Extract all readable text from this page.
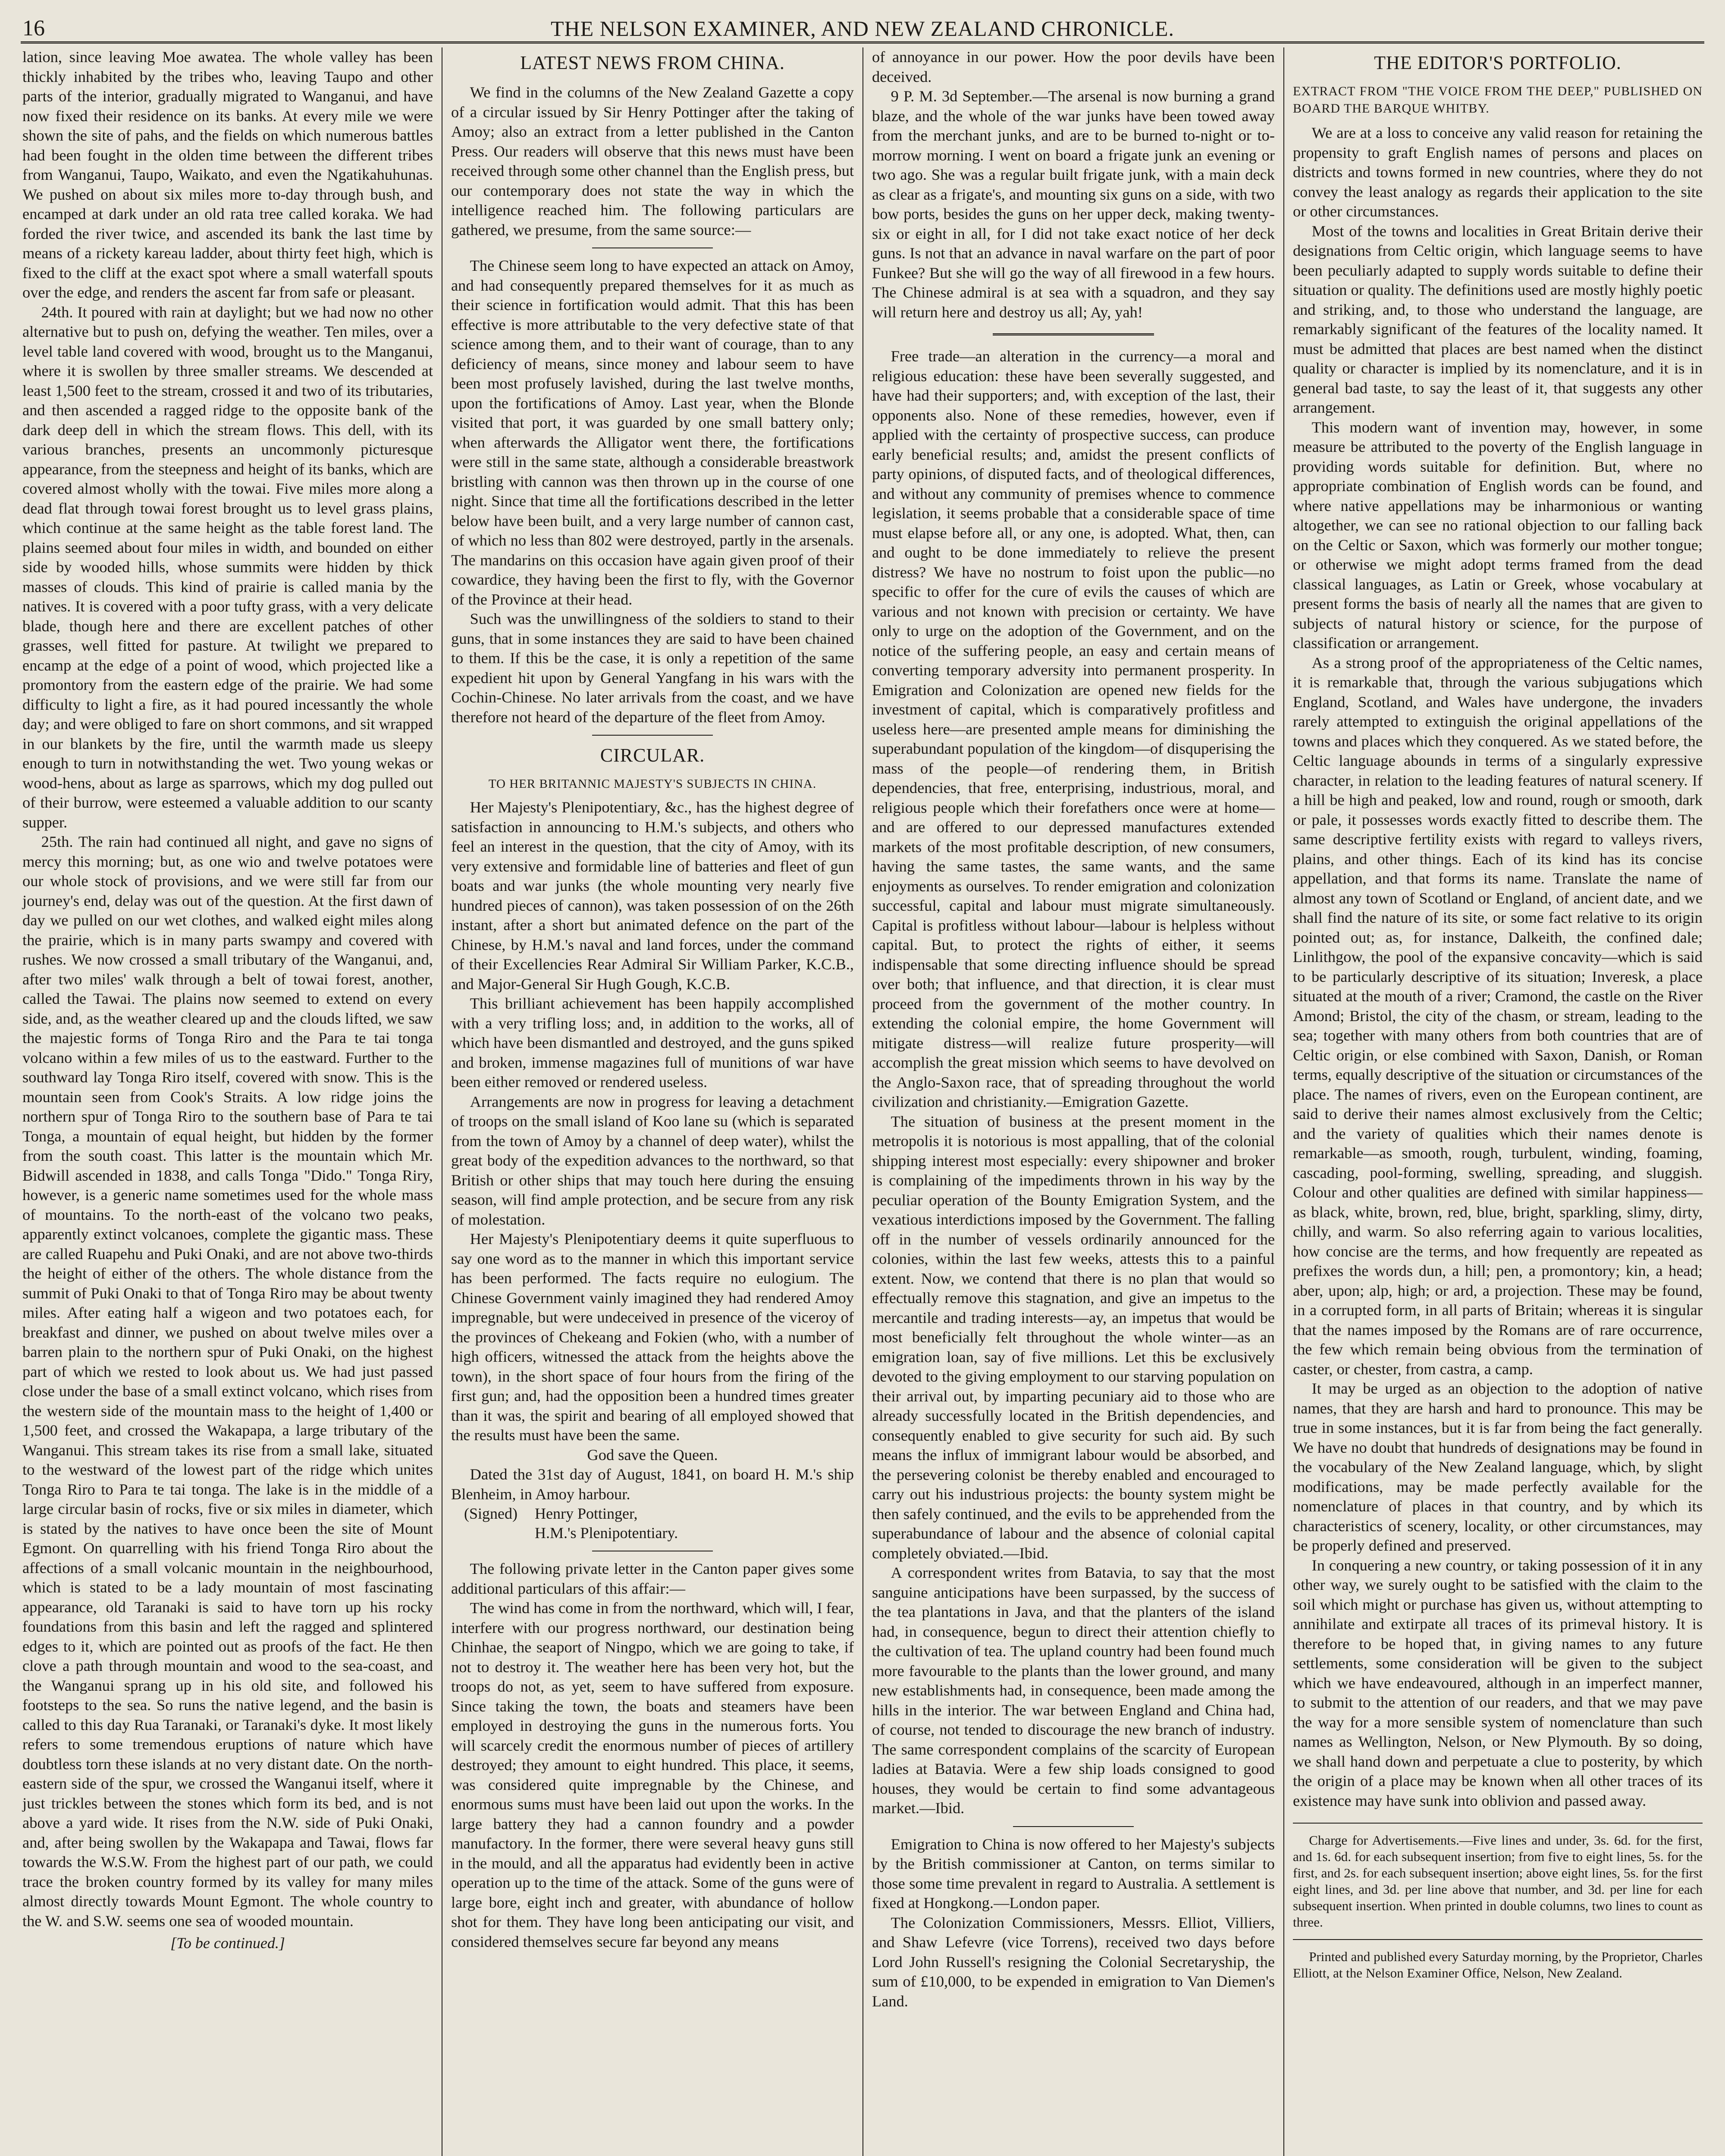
16	THE NELSON EXAMINER, AND NEW ZEALAND CHRONICLE.

lation, since leaving Moe awatea. The whole valley has been thickly inhabited by the tribes who, leaving Taupo and other parts of the interior, gradually migrated to Wanganui, and have now fixed their residence on its banks. At every mile we were shown the site of pahs, and the fields on which numerous battles had been fought in the olden time between the different tribes from Wanganui, Taupo, Waikato, and even the Ngatikahuhunas. We pushed on about six miles more to-day through bush, and encamped at dark under an old rata tree called koraka. We had forded the river twice, and ascended its bank the last time by means of a rickety kareau ladder, about thirty feet high, which is fixed to the cliff at the exact spot where a small waterfall spouts over the edge, and renders the ascent far from safe or pleasant.

24th. It poured with rain at daylight; but we had now no other alternative but to push on, defying the weather. Ten miles, over a level table land covered with wood, brought us to the Manganui, where it is swollen by three smaller streams. We descended at least 1,500 feet to the stream, crossed it and two of its tributaries, and then ascended a ragged ridge to the opposite bank of the dark deep dell in which the stream flows. This dell, with its various branches, presents an uncommonly picturesque appearance, from the steepness and height of its banks, which are covered almost wholly with the towai. Five miles more along a dead flat through towai forest brought us to level grass plains, which continue at the same height as the table forest land. The plains seemed about four miles in width, and bounded on either side by wooded hills, whose summits were hidden by thick masses of clouds. This kind of prairie is called mania by the natives. It is covered with a poor tufty grass, with a very delicate blade, though here and there are excellent patches of other grasses, well fitted for pasture. At twilight we prepared to encamp at the edge of a point of wood, which projected like a promontory from the eastern edge of the prairie. We had some difficulty to light a fire, as it had poured incessantly the whole day; and were obliged to fare on short commons, and sit wrapped in our blankets by the fire, until the warmth made us sleepy enough to turn in notwithstanding the wet. Two young wekas or wood-hens, about as large as sparrows, which my dog pulled out of their burrow, were esteemed a valuable addition to our scanty supper.

25th. The rain had continued all night, and gave no signs of mercy this morning; but, as one wio and twelve potatoes were our whole stock of provisions, and we were still far from our journey's end, delay was out of the question. At the first dawn of day we pulled on our wet clothes, and walked eight miles along the prairie, which is in many parts swampy and covered with rushes. We now crossed a small tributary of the Wanganui, and, after two miles' walk through a belt of towai forest, another, called the Tawai. The plains now seemed to extend on every side, and, as the weather cleared up and the clouds lifted, we saw the majestic forms of Tonga Riro and the Para te tai tonga volcano within a few miles of us to the eastward. Further to the southward lay Tonga Riro itself, covered with snow. This is the mountain seen from Cook's Straits. A low ridge joins the northern spur of Tonga Riro to the southern base of Para te tai Tonga, a mountain of equal height, but hidden by the former from the south coast. This latter is the mountain which Mr. Bidwill ascended in 1838, and calls Tonga "Dido." Tonga Riry, however, is a generic name sometimes used for the whole mass of mountains. To the north-east of the volcano two peaks, apparently extinct volcanoes, complete the gigantic mass. These are called Ruapehu and Puki Onaki, and are not above two-thirds the height of either of the others. The whole distance from the summit of Puki Onaki to that of Tonga Riro may be about twenty miles. After eating half a wigeon and two potatoes each, for breakfast and dinner, we pushed on about twelve miles over a barren plain to the northern spur of Puki Onaki, on the highest part of which we rested to look about us. We had just passed close under the base of a small extinct volcano, which rises from the western side of the mountain mass to the height of 1,400 or 1,500 feet, and crossed the Wakapapa, a large tributary of the Wanganui. This stream takes its rise from a small lake, situated to the westward of the lowest part of the ridge which unites Tonga Riro to Para te tai tonga. The lake is in the middle of a large circular basin of rocks, five or six miles in diameter, which is stated by the natives to have once been the site of Mount Egmont. On quarrelling with his friend Tonga Riro about the affections of a small volcanic mountain in the neighbourhood, which is stated to be a lady mountain of most fascinating appearance, old Taranaki is said to have torn up his rocky foundations from this basin and left the ragged and splintered edges to it, which are pointed out as proofs of the fact. He then clove a path through mountain and wood to the sea-coast, and the Wanganui sprang up in his old site, and followed his footsteps to the sea. So runs the native legend, and the basin is called to this day Rua Taranaki, or Taranaki's dyke. It most likely refers to some tremendous eruptions of nature which have doubtless torn these islands at no very distant date. On the north-eastern side of the spur, we crossed the Wanganui itself, where it just trickles between the stones which form its bed, and is not above a yard wide. It rises from the N.W. side of Puki Onaki, and, after being swollen by the Wakapapa and Tawai, flows far towards the W.S.W. From the highest part of our path, we could trace the broken country formed by its valley for many miles almost directly towards Mount Egmont. The whole country to the W. and S.W. seems one sea of wooded mountain.

[To be continued.]
LATEST NEWS FROM CHINA.

We find in the columns of the New Zealand Gazette a copy of a circular issued by Sir Henry Pottinger after the taking of Amoy; also an extract from a letter published in the Canton Press. Our readers will observe that this news must have been received through some other channel than the English press, but our contemporary does not state the way in which the intelligence reached him. The following particulars are gathered, we presume, from the same source:—

The Chinese seem long to have expected an attack on Amoy, and had consequently prepared themselves for it as much as their science in fortification would admit. That this has been effective is more attributable to the very defective state of that science among them, and to their want of courage, than to any deficiency of means, since money and labour seem to have been most profusely lavished, during the last twelve months, upon the fortifications of Amoy. Last year, when the Blonde visited that port, it was guarded by one small battery only; when afterwards the Alligator went there, the fortifications were still in the same state, although a considerable breastwork bristling with cannon was then thrown up in the course of one night. Since that time all the fortifications described in the letter below have been built, and a very large number of cannon cast, of which no less than 802 were destroyed, partly in the arsenals. The mandarins on this occasion have again given proof of their cowardice, they having been the first to fly, with the Governor of the Province at their head.

Such was the unwillingness of the soldiers to stand to their guns, that in some instances they are said to have been chained to them. If this be the case, it is only a repetition of the same expedient hit upon by General Yangfang in his wars with the Cochin-Chinese. No later arrivals from the coast, and we have therefore not heard of the departure of the fleet from Amoy.

CIRCULAR.
TO HER BRITANNIC MAJESTY'S SUBJECTS IN CHINA.

Her Majesty's Plenipotentiary, &c., has the highest degree of satisfaction in announcing to H.M.'s subjects, and others who feel an interest in the question, that the city of Amoy, with its very extensive and formidable line of batteries and fleet of gun boats and war junks (the whole mounting very nearly five hundred pieces of cannon), was taken possession of on the 26th instant, after a short but animated defence on the part of the Chinese, by H.M.'s naval and land forces, under the command of their Excellencies Rear Admiral Sir William Parker, K.C.B., and Major-General Sir Hugh Gough, K.C.B.

This brilliant achievement has been happily accomplished with a very trifling loss; and, in addition to the works, all of which have been dismantled and destroyed, and the guns spiked and broken, immense magazines full of munitions of war have been either removed or rendered useless.

Arrangements are now in progress for leaving a detachment of troops on the small island of Koo lane su (which is separated from the town of Amoy by a channel of deep water), whilst the great body of the expedition advances to the northward, so that British or other ships that may touch here during the ensuing season, will find ample protection, and be secure from any risk of molestation.

Her Majesty's Plenipotentiary deems it quite superfluous to say one word as to the manner in which this important service has been performed. The facts require no eulogium. The Chinese Government vainly imagined they had rendered Amoy impregnable, but were undeceived in presence of the viceroy of the provinces of Chekeang and Fokien (who, with a number of high officers, witnessed the attack from the heights above the town), in the short space of four hours from the firing of the first gun; and, had the opposition been a hundred times greater than it was, the spirit and bearing of all employed showed that the results must have been the same.

God save the Queen.

Dated the 31st day of August, 1841, on board H. M.'s ship Blenheim, in Amoy harbour.

(Signed) Henry Pottinger,
H.M.'s Plenipotentiary.

The following private letter in the Canton paper gives some additional particulars of this affair:—

The wind has come in from the northward, which will, I fear, interfere with our progress northward, our destination being Chinhae, the seaport of Ningpo, which we are going to take, if not to destroy it. The weather here has been very hot, but the troops do not, as yet, seem to have suffered from exposure. Since taking the town, the boats and steamers have been employed in destroying the guns in the numerous forts. You will scarcely credit the enormous number of pieces of artillery destroyed; they amount to eight hundred. This place, it seems, was considered quite impregnable by the Chinese, and enormous sums must have been laid out upon the works. In the large battery they had a cannon foundry and a powder manufactory. In the former, there were several heavy guns still in the mould, and all the apparatus had evidently been in active operation up to the time of the attack. Some of the guns were of large bore, eight inch and greater, with abundance of hollow shot for them. They have long been anticipating our visit, and considered themselves secure far beyond any means

of annoyance in our power. How the poor devils have been deceived.

9 P. M. 3d September.—The arsenal is now burning a grand blaze, and the whole of the war junks have been towed away from the merchant junks, and are to be burned to-night or to-morrow morning. I went on board a frigate junk an evening or two ago. She was a regular built frigate junk, with a main deck as clear as a frigate's, and mounting six guns on a side, with two bow ports, besides the guns on her upper deck, making twenty-six or eight in all, for I did not take exact notice of her deck guns. Is not that an advance in naval warfare on the part of poor Funkee? But she will go the way of all firewood in a few hours. The Chinese admiral is at sea with a squadron, and they say will return here and destroy us all; Ay, yah!

Free trade—an alteration in the currency—a moral and religious education: these have been severally suggested, and have had their supporters; and, with exception of the last, their opponents also. None of these remedies, however, even if applied with the certainty of prospective success, can produce early beneficial results; and, amidst the present conflicts of party opinions, of disputed facts, and of theological differences, and without any community of premises whence to commence legislation, it seems probable that a considerable space of time must elapse before all, or any one, is adopted. What, then, can and ought to be done immediately to relieve the present distress? We have no nostrum to foist upon the public—no specific to offer for the cure of evils the causes of which are various and not known with precision or certainty. We have only to urge on the adoption of the Government, and on the notice of the suffering people, an easy and certain means of converting temporary adversity into permanent prosperity. In Emigration and Colonization are opened new fields for the investment of capital, which is comparatively profitless and useless here—are presented ample means for diminishing the superabundant population of the kingdom—of disquperising the mass of the people—of rendering them, in British dependencies, that free, enterprising, industrious, moral, and religious people which their forefathers once were at home—and are offered to our depressed manufactures extended markets of the most profitable description, of new consumers, having the same tastes, the same wants, and the same enjoyments as ourselves. To render emigration and colonization successful, capital and labour must migrate simultaneously. Capital is profitless without labour—labour is helpless without capital. But, to protect the rights of either, it seems indispensable that some directing influence should be spread over both; that influence, and that direction, it is clear must proceed from the government of the mother country. In extending the colonial empire, the home Government will mitigate distress—will realize future prosperity—will accomplish the great mission which seems to have devolved on the Anglo-Saxon race, that of spreading throughout the world civilization and christianity.—Emigration Gazette.

The situation of business at the present moment in the metropolis it is notorious is most appalling, that of the colonial shipping interest most especially: every shipowner and broker is complaining of the impediments thrown in his way by the peculiar operation of the Bounty Emigration System, and the vexatious interdictions imposed by the Government. The falling off in the number of vessels ordinarily announced for the colonies, within the last few weeks, attests this to a painful extent. Now, we contend that there is no plan that would so effectually remove this stagnation, and give an impetus to the mercantile and trading interests—ay, an impetus that would be most beneficially felt throughout the whole winter—as an emigration loan, say of five millions. Let this be exclusively devoted to the giving employment to our starving population on their arrival out, by imparting pecuniary aid to those who are already successfully located in the British dependencies, and consequently enabled to give security for such aid. By such means the influx of immigrant labour would be absorbed, and the persevering colonist be thereby enabled and encouraged to carry out his industrious projects: the bounty system might be then safely continued, and the evils to be apprehended from the superabundance of labour and the absence of colonial capital completely obviated.—Ibid.

A correspondent writes from Batavia, to say that the most sanguine anticipations have been surpassed, by the success of the tea plantations in Java, and that the planters of the island had, in consequence, begun to direct their attention chiefly to the cultivation of tea. The upland country had been found much more favourable to the plants than the lower ground, and many new establishments had, in consequence, been made among the hills in the interior. The war between England and China had, of course, not tended to discourage the new branch of industry. The same correspondent complains of the scarcity of European ladies at Batavia. Were a few ship loads consigned to good houses, they would be certain to find some advantageous market.—Ibid.

Emigration to China is now offered to her Majesty's subjects by the British commissioner at Canton, on terms similar to those some time prevalent in regard to Australia. A settlement is fixed at Hongkong.—London paper.

The Colonization Commissioners, Messrs. Elliot, Villiers, and Shaw Lefevre (vice Torrens), received two days before Lord John Russell's resigning the Colonial Secretaryship, the sum of £10,000, to be expended in emigration to Van Diemen's Land.

THE EDITOR'S PORTFOLIO.
EXTRACT FROM "THE VOICE FROM THE DEEP," PUBLISHED ON BOARD THE BARQUE WHITBY.

We are at a loss to conceive any valid reason for retaining the propensity to graft English names of persons and places on districts and towns formed in new countries, where they do not convey the least analogy as regards their application to the site or other circumstances.

Most of the towns and localities in Great Britain derive their designations from Celtic origin, which language seems to have been peculiarly adapted to supply words suitable to define their situation or quality. The definitions used are mostly highly poetic and striking, and, to those who understand the language, are remarkably significant of the features of the locality named. It must be admitted that places are best named when the distinct quality or character is implied by its nomenclature, and it is in general bad taste, to say the least of it, that suggests any other arrangement.

This modern want of invention may, however, in some measure be attributed to the poverty of the English language in providing words suitable for definition. But, where no appropriate combination of English words can be found, and where native appellations may be inharmonious or wanting altogether, we can see no rational objection to our falling back on the Celtic or Saxon, which was formerly our mother tongue; or otherwise we might adopt terms framed from the dead classical languages, as Latin or Greek, whose vocabulary at present forms the basis of nearly all the names that are given to subjects of natural history or science, for the purpose of classification or arrangement.

As a strong proof of the appropriateness of the Celtic names, it is remarkable that, through the various subjugations which England, Scotland, and Wales have undergone, the invaders rarely attempted to extinguish the original appellations of the towns and places which they conquered. As we stated before, the Celtic language abounds in terms of a singularly expressive character, in relation to the leading features of natural scenery. If a hill be high and peaked, low and round, rough or smooth, dark or pale, it possesses words exactly fitted to describe them. The same descriptive fertility exists with regard to valleys rivers, plains, and other things. Each of its kind has its concise appellation, and that forms its name. Translate the name of almost any town of Scotland or England, of ancient date, and we shall find the nature of its site, or some fact relative to its origin pointed out; as, for instance, Dalkeith, the confined dale; Linlithgow, the pool of the expansive concavity—which is said to be particularly descriptive of its situation; Inveresk, a place situated at the mouth of a river; Cramond, the castle on the River Amond; Bristol, the city of the chasm, or stream, leading to the sea; together with many others from both countries that are of Celtic origin, or else combined with Saxon, Danish, or Roman terms, equally descriptive of the situation or circumstances of the place. The names of rivers, even on the European continent, are said to derive their names almost exclusively from the Celtic; and the variety of qualities which their names denote is remarkable—as smooth, rough, turbulent, winding, foaming, cascading, pool-forming, swelling, spreading, and sluggish. Colour and other qualities are defined with similar happiness—as black, white, brown, red, blue, bright, sparkling, slimy, dirty, chilly, and warm. So also referring again to various localities, how concise are the terms, and how frequently are repeated as prefixes the words dun, a hill; pen, a promontory; kin, a head; aber, upon; alp, high; or ard, a projection. These may be found, in a corrupted form, in all parts of Britain; whereas it is singular that the names imposed by the Romans are of rare occurrence, the few which remain being obvious from the termination of caster, or chester, from castra, a camp.

It may be urged as an objection to the adoption of native names, that they are harsh and hard to pronounce. This may be true in some instances, but it is far from being the fact generally. We have no doubt that hundreds of designations may be found in the vocabulary of the New Zealand language, which, by slight modifications, may be made perfectly available for the nomenclature of places in that country, and by which its characteristics of scenery, locality, or other circumstances, may be properly defined and preserved.

In conquering a new country, or taking possession of it in any other way, we surely ought to be satisfied with the claim to the soil which might or purchase has given us, without attempting to annihilate and extirpate all traces of its primeval history. It is therefore to be hoped that, in giving names to any future settlements, some consideration will be given to the subject which we have endeavoured, although in an imperfect manner, to submit to the attention of our readers, and that we may pave the way for a more sensible system of nomenclature than such names as Wellington, Nelson, or New Plymouth. By so doing, we shall hand down and perpetuate a clue to posterity, by which the origin of a place may be known when all other traces of its existence may have sunk into oblivion and passed away.

Charge for Advertisements.—Five lines and under, 3s. 6d. for the first, and 1s. 6d. for each subsequent insertion; from five to eight lines, 5s. for the first, and 2s. for each subsequent insertion; above eight lines, 5s. for the first eight lines, and 3d. per line above that number, and 3d. per line for each subsequent insertion. When printed in double columns, two lines to count as three.

Printed and published every Saturday morning, by the Proprietor, Charles Elliott, at the Nelson Examiner Office, Nelson, New Zealand.
